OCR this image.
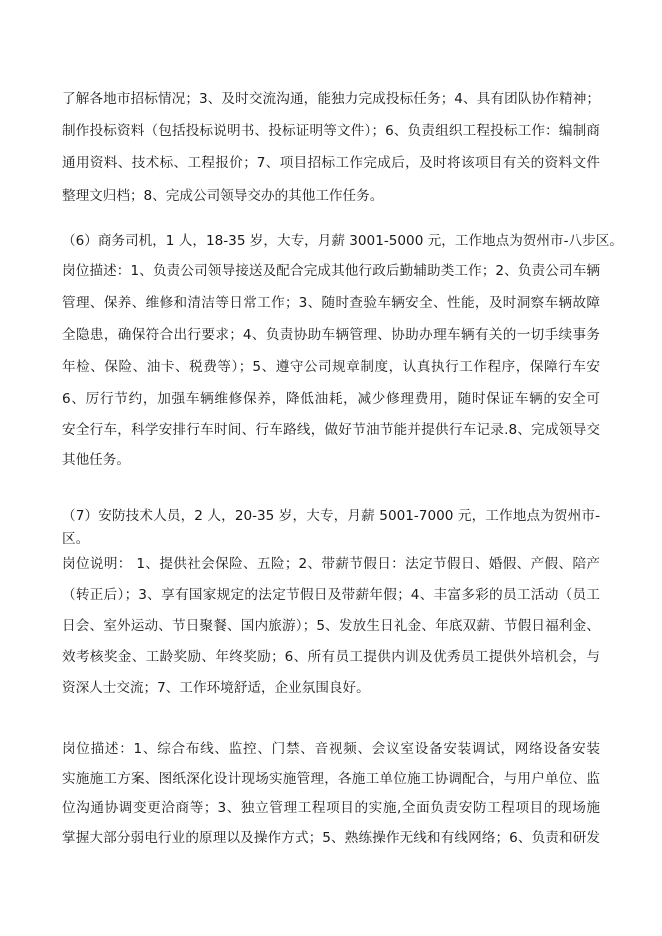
了解各地市招标情况；3、及时交流沟通，能独力完成投标任务；4、具有团队协作精神；
制作投标资料（包括投标说明书、投标证明等文件）；6、负责组织工程投标工作：编制商
通用资料、技术标、工程报价；7、项目招标工作完成后，及时将该项目有关的资料文件
整理文归档；8、完成公司领导交办的其他工作任务。
（6）商务司机，1 人，18-35 岁，大专，月薪 3001-5000 元，工作地点为贺州市-八步区。
岗位描述：1、负责公司领导接送及配合完成其他行政后勤辅助类工作；2、负责公司车辆
管理、保养、维修和清洁等日常工作；3、随时查验车辆安全、性能，及时洞察车辆故障
全隐患，确保符合出行要求；4、负责协助车辆管理、协助办理车辆有关的一切手续事务
年检、保险、油卡、税费等）；5、遵守公司规章制度，认真执行工作程序，保障行车安
6、厉行节约，加强车辆维修保养，降低油耗，减少修理费用，随时保证车辆的安全可
安全行车，科学安排行车时间、行车路线，做好节油节能并提供行车记录.8、完成领导交
其他任务。
（7）安防技术人员，2 人，20-35 岁，大专，月薪 5001-7000 元，工作地点为贺州市-
区。
岗位说明： 1、提供社会保险、五险；2、带薪节假日：法定节假日、婚假、产假、陪产
（转正后）；3、享有国家规定的法定节假日及带薪年假；4、丰富多彩的员工活动（员工
日会、室外运动、节日聚餐、国内旅游）；5、发放生日礼金、年底双薪、节假日福利金、
效考核奖金、工龄奖励、年终奖励；6、所有员工提供内训及优秀员工提供外培机会，与
资深人士交流；7、工作环境舒适，企业氛围良好。
岗位描述：1、综合布线、监控、门禁、音视频、会议室设备安装调试，网络设备安装
实施施工方案、图纸深化设计现场实施管理，各施工单位施工协调配合，与用户单位、监
位沟通协调变更洽商等；3、独立管理工程项目的实施,全面负责安防工程项目的现场施
掌握大部分弱电行业的原理以及操作方式；5、熟练操作无线和有线网络；6、负责和研发
